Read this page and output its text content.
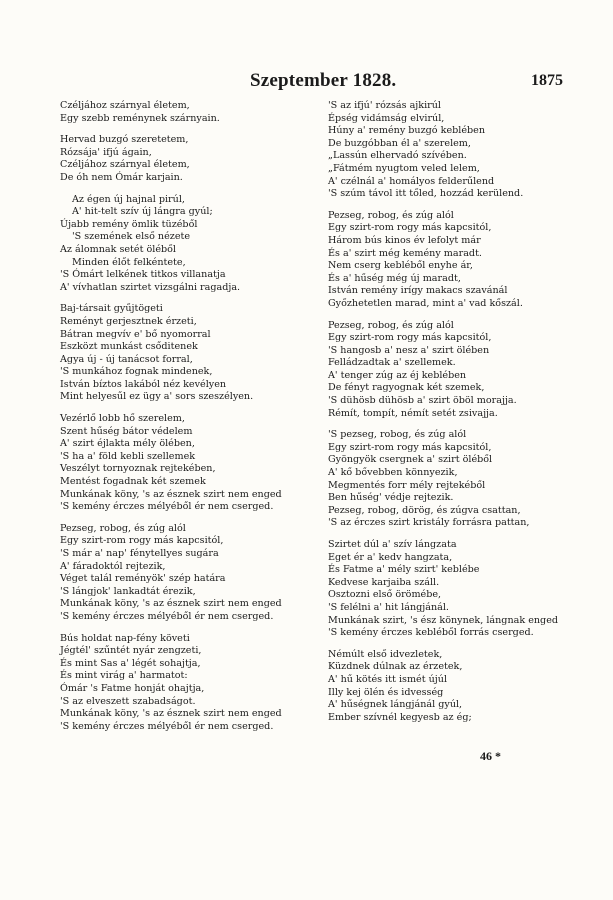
Szeptember 1828.	1875
Czéljához szárnyal életem,
Egy szebb reménynek szárnyain.
Hervad buzgó szeretetem,
Rózsája' ifjú ágain,
Czéljához szárnyal életem,
De óh nem Ómár karjain.
Az égen új hajnal pirúl,
A' hit-telt szív új lángra gyúl;
Újabb remény ömlik tüzéből
'S szemének első nézete
Az álomnak setét öléből
Minden élőt felkéntete,
'S Ómárt lelkének titkos villanatja
A' vívhatlan szirtet vizsgálni ragadja.
Baj-társait gyűjtögeti
Reményt gerjesztnek érzeti,
Bátran megvív e' bő nyomorral
Eszközt munkást csőditenek
Agya új - új tanácsot forral,
'S munkához fognak mindenek,
István bíztos lakából néz kevélyen
Mint helyesűl ez ügy a' sors szeszélyen.
Vezérlő lobb hő szerelem,
Szent hűség bátor védelem
A' szirt éjlakta mély ölében,
'S ha a' föld kebli szellemek
Veszélyt tornyoznak rejtekében,
Mentést fogadnak két szemek
Munkának köny, 's az észnek szirt nem enged
'S kemény érczes mélyéből ér nem cserged.
Pezseg, robog, és zúg alól
Egy szirt-rom rogy más kapcsitól,
'S már a' nap' fénytellyes sugára
A' fáradoktól rejtezik,
Véget talál reményök' szép határa
'S lángjok' lankadtát érezik,
Munkának köny, 's az észnek szirt nem enged
'S kemény érczes mélyéből ér nem cserged.
Bús holdat nap-fény követi
Jégtél' szűntét nyár zengzeti,
És mint Sas a' légét sohajtja,
És mint virág a' harmatot:
Ómár 's Fatme honját ohajtja,
'S az elveszett szabadságot.
Munkának köny, 's az észnek szirt nem enged
'S kemény érczes mélyéből ér nem cserged.
'S az ifjú' rózsás ajkirúl
Épség vidámság elvirúl,
Húny a' remény buzgó keblében
De buzgóbban él a' szerelem,
„Lassún elhervadó szívében.
„Fátmém nyugtom veled lelem,
A' czélnál a' homályos felderűlend
'S szúm távol itt tőled, hozzád kerülend.
Pezseg, robog, és zúg alól
Egy szirt-rom rogy más kapcsitól,
Három bús kinos év lefolyt már
És a' szirt még kemény maradt.
Nem cserg kebléből enyhe ár,
És a' hűség még új maradt,
István remény irígy makacs szavánál
Győzhetetlen marad, mint a' vad kőszál.
Pezseg, robog, és zúg alól
Egy szirt-rom rogy más kapcsitól,
'S hangosb a' nesz a' szirt ölében
Felládzadtak a' szellemek.
A' tenger zúg az éj keblében
De fényt ragyognak két szemek,
'S dühösb dühösb a' szirt öböl morajja.
Rémít, tompít, némít setét zsivajja.
'S pezseg, robog, és zúg alól
Egy szirt-rom rogy más kapcsitól,
Gyöngyök csergnek a' szirt öléből
A' kő bővebben könnyezik,
Megmentés forr mély rejtekéből
Ben hűség' védje rejtezik.
Pezseg, robog, dörög, és zúgva csattan,
'S az érczes szirt kristály forrásra pattan,
Szirtet dúl a' szív lángzata
Eget ér a' kedv hangzata,
És Fatme a' mély szirt' keblébe
Kedvese karjaiba száll.
Osztozni első örömébe,
'S felélni a' hit lángjánál.
Munkának szirt, 's ész könynek, lángnak enged
'S kemény érczes kebléből forrás cserged.
Némúlt első idvezletek,
Küzdnek dúlnak az érzetek,
A' hű kötés itt ismét újúl
Illy kej ölén és idvesség
A' hűségnek lángjánál gyúl,
Ember szívnél kegyesb az ég;
46 *
